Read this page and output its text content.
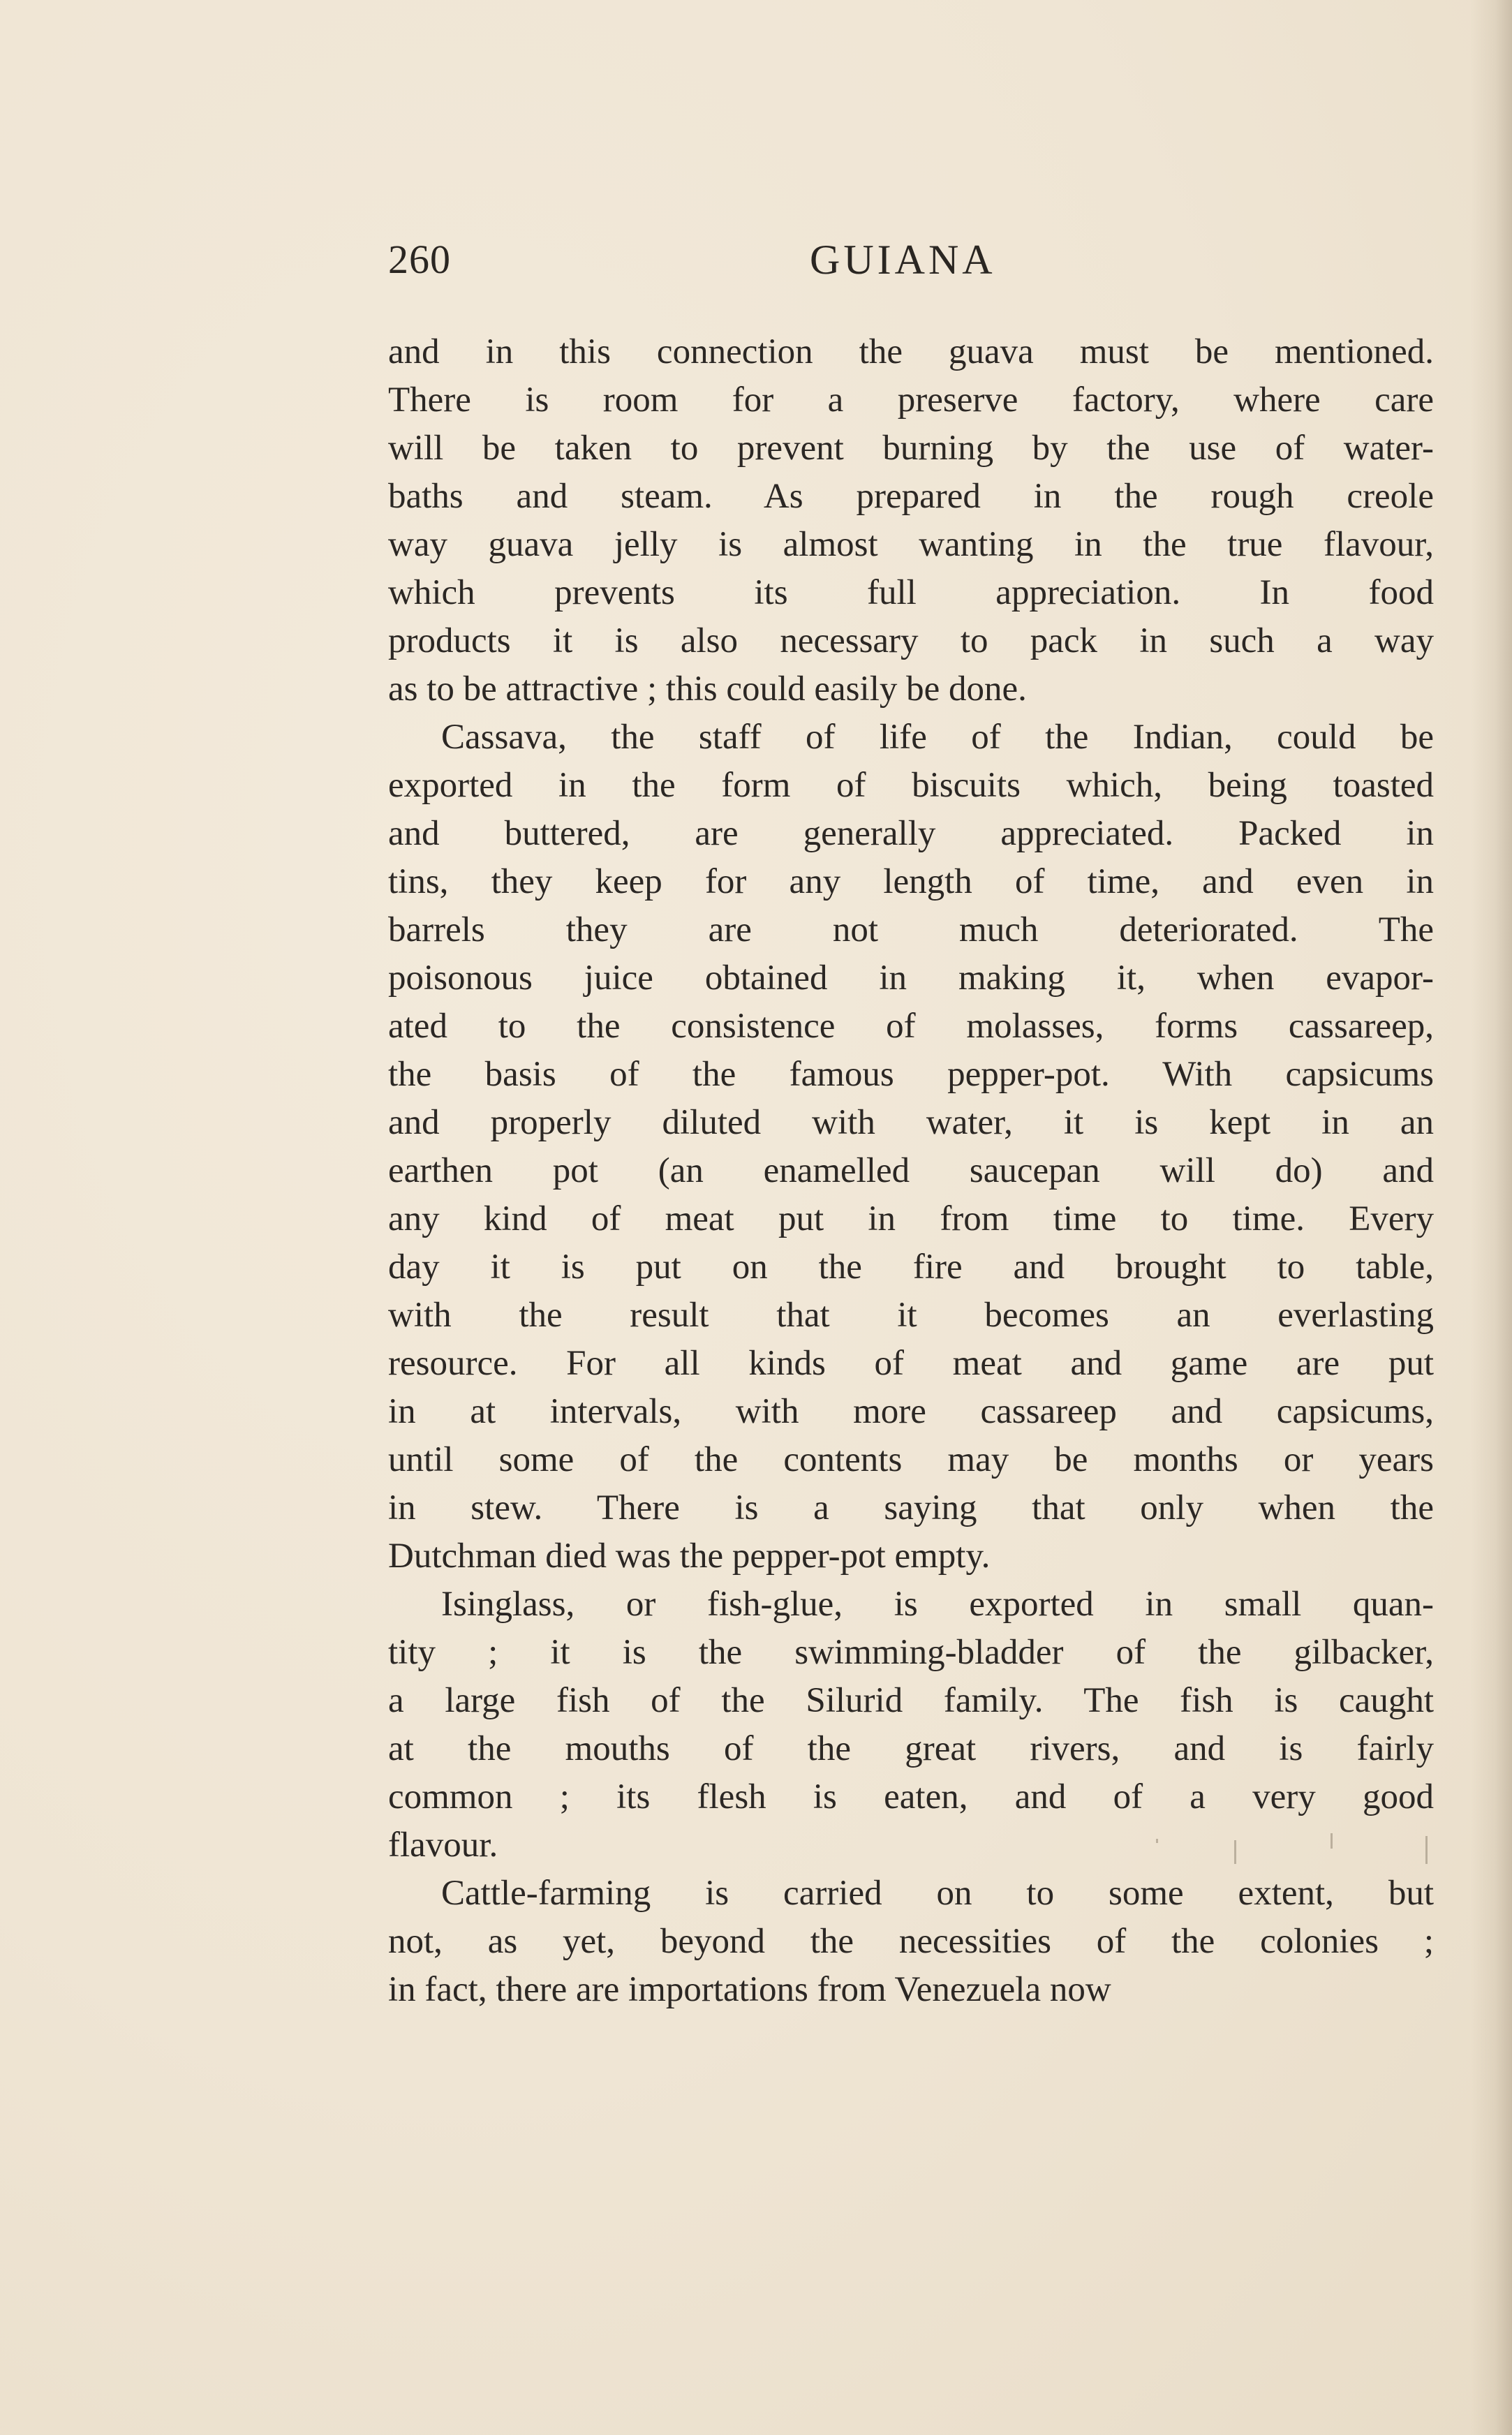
260	GUIANA
and in this connection the guava must be mentioned.
There is room for a preserve factory, where care
will be taken to prevent burning by the use of water-
baths and steam. As prepared in the rough creole
way guava jelly is almost wanting in the true flavour,
which prevents its full appreciation. In food
products it is also necessary to pack in such a way
as to be attractive ; this could easily be done.
Cassava, the staff of life of the Indian, could be
exported in the form of biscuits which, being toasted
and buttered, are generally appreciated. Packed in
tins, they keep for any length of time, and even in
barrels they are not much deteriorated. The
poisonous juice obtained in making it, when evapor-
ated to the consistence of molasses, forms cassareep,
the basis of the famous pepper-pot. With capsicums
and properly diluted with water, it is kept in an
earthen pot (an enamelled saucepan will do) and
any kind of meat put in from time to time. Every
day it is put on the fire and brought to table,
with the result that it becomes an everlasting
resource. For all kinds of meat and game are put
in at intervals, with more cassareep and capsicums,
until some of the contents may be months or years
in stew. There is a saying that only when the
Dutchman died was the pepper-pot empty.
Isinglass, or fish-glue, is exported in small quan-
tity ; it is the swimming-bladder of the gilbacker,
a large fish of the Silurid family. The fish is caught
at the mouths of the great rivers, and is fairly
common ; its flesh is eaten, and of a very good
flavour.
Cattle-farming is carried on to some extent, but
not, as yet, beyond the necessities of the colonies ;
in fact, there are importations from Venezuela now
